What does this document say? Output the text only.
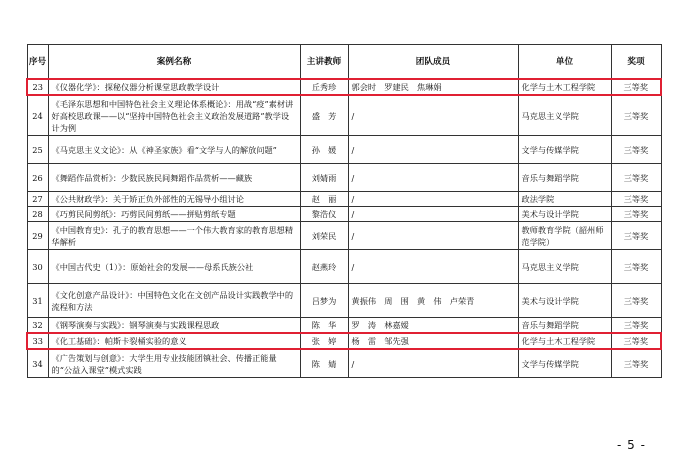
序号	案例名称	主讲教师	团队成员	单位	奖项
23	《仪器化学》：探秘仪器分析课堂思政教学设计	丘秀珍	郭会时　罗建民　焦琳娟	化学与土木工程学院	三等奖
24	《毛泽东思想和中国特色社会主义理论体系概论》：用战“疫”素材讲好高校思政课——以“坚持中国特色社会主义政治发展道路”教学设计为例	盛　芳	/	马克思主义学院	三等奖
25	《马克思主义文论》：从《神圣家族》看“文学与人的解放问题”	孙　媛	/	文学与传媒学院	三等奖
26	《舞蹈作品赏析》：少数民族民间舞蹈作品赏析——藏族	刘婧雨	/	音乐与舞蹈学院	三等奖
27	《公共财政学》：关于矫正负外部性的无锡导小组讨论	赵　丽	/	政法学院	三等奖
28	《巧剪民间剪纸》：巧剪民间剪纸——拼贴剪纸专题	黎浩仪	/	美术与设计学院	三等奖
29	《中国教育史》：孔子的教育思想——一个伟大教育家的教育思想精华解析	刘荣民	/	教师教育学院（韶州师范学院）	三等奖
30	《中国古代史（1）》：原始社会的发展——母系氏族公社	赵燕玲	/	马克思主义学院	三等奖
31	《文化创意产品设计》：中国特色文化在文创产品设计实践教学中的流程和方法	吕梦为	黄振伟　周　围　黄　伟　卢荣青	美术与设计学院	三等奖
32	《钢琴演奏与实践》：钢琴演奏与实践课程思政	陈　华	罗　涛　林嘉嫒	音乐与舞蹈学院	三等奖
33	《化工基础》：帕斯卡裂桶实验的意义	张　婷	杨　雷　邹先强	化学与土木工程学院	三等奖
34	《广告策划与创意》：大学生用专业技能团镇社会、传播正能量的“公益入课堂”模式实践	陈　婧	/	文学与传媒学院	三等奖
- 5 -
